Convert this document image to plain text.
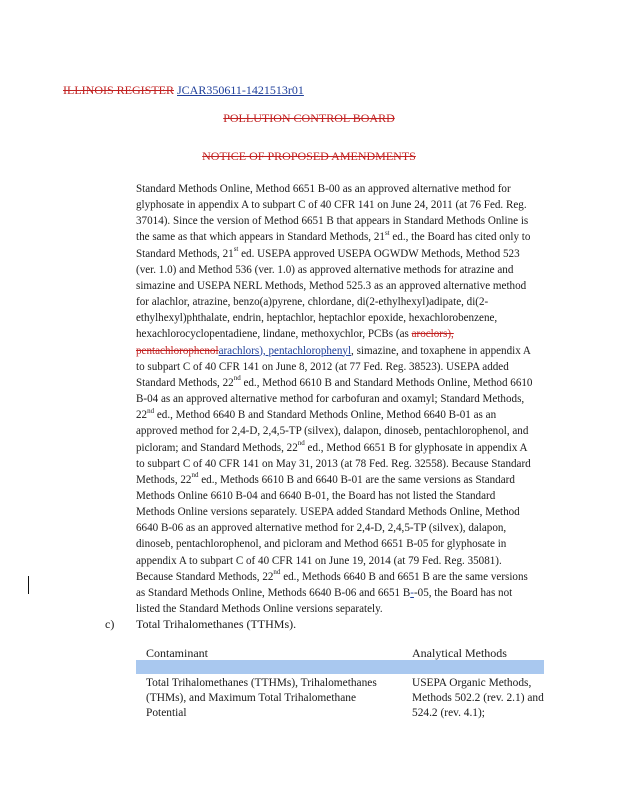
ILLINOIS REGISTER JCAR350611-1421513r01
POLLUTION CONTROL BOARD
NOTICE OF PROPOSED AMENDMENTS
Standard Methods Online, Method 6651 B-00 as an approved alternative method for glyphosate in appendix A to subpart C of 40 CFR 141 on June 24, 2011 (at 76 Fed. Reg. 37014). Since the version of Method 6651 B that appears in Standard Methods Online is the same as that which appears in Standard Methods, 21st ed., the Board has cited only to Standard Methods, 21st ed. USEPA approved USEPA OGWDW Methods, Method 523 (ver. 1.0) and Method 536 (ver. 1.0) as approved alternative methods for atrazine and simazine and USEPA NERL Methods, Method 525.3 as an approved alternative method for alachlor, atrazine, benzo(a)pyrene, chlordane, di(2-ethylhexyl)adipate, di(2-ethylhexyl)phthalate, endrin, heptachlor, heptachlor epoxide, hexachlorobenzene, hexachlorocyclopentadiene, lindane, methoxychlor, PCBs (as aroclors), pentachlorophenolarachlors), pentachlorophenyl, simazine, and toxaphene in appendix A to subpart C of 40 CFR 141 on June 8, 2012 (at 77 Fed. Reg. 38523). USEPA added Standard Methods, 22nd ed., Method 6610 B and Standard Methods Online, Method 6610 B-04 as an approved alternative method for carbofuran and oxamyl; Standard Methods, 22nd ed., Method 6640 B and Standard Methods Online, Method 6640 B-01 as an approved method for 2,4-D, 2,4,5-TP (silvex), dalapon, dinoseb, pentachlorophenol, and picloram; and Standard Methods, 22nd ed., Method 6651 B for glyphosate in appendix A to subpart C of 40 CFR 141 on May 31, 2013 (at 78 Fed. Reg. 32558). Because Standard Methods, 22nd ed., Methods 6610 B and 6640 B-01 are the same versions as Standard Methods Online 6610 B-04 and 6640 B-01, the Board has not listed the Standard Methods Online versions separately. USEPA added Standard Methods Online, Method 6640 B-06 as an approved alternative method for 2,4-D, 2,4,5-TP (silvex), dalapon, dinoseb, pentachlorophenol, and picloram and Method 6651 B-05 for glyphosate in appendix A to subpart C of 40 CFR 141 on June 19, 2014 (at 79 Fed. Reg. 35081). Because Standard Methods, 22nd ed., Methods 6640 B and 6651 B are the same versions as Standard Methods Online, Methods 6640 B-06 and 6651 B--05, the Board has not listed the Standard Methods Online versions separately.
c) Total Trihalomethanes (TTHMs).
Contaminant	Analytical Methods
Total Trihalomethanes (TTHMs), Trihalomethanes (THMs), and Maximum Total Trihalomethane Potential
USEPA Organic Methods, Methods 502.2 (rev. 2.1) and 524.2 (rev. 4.1);
